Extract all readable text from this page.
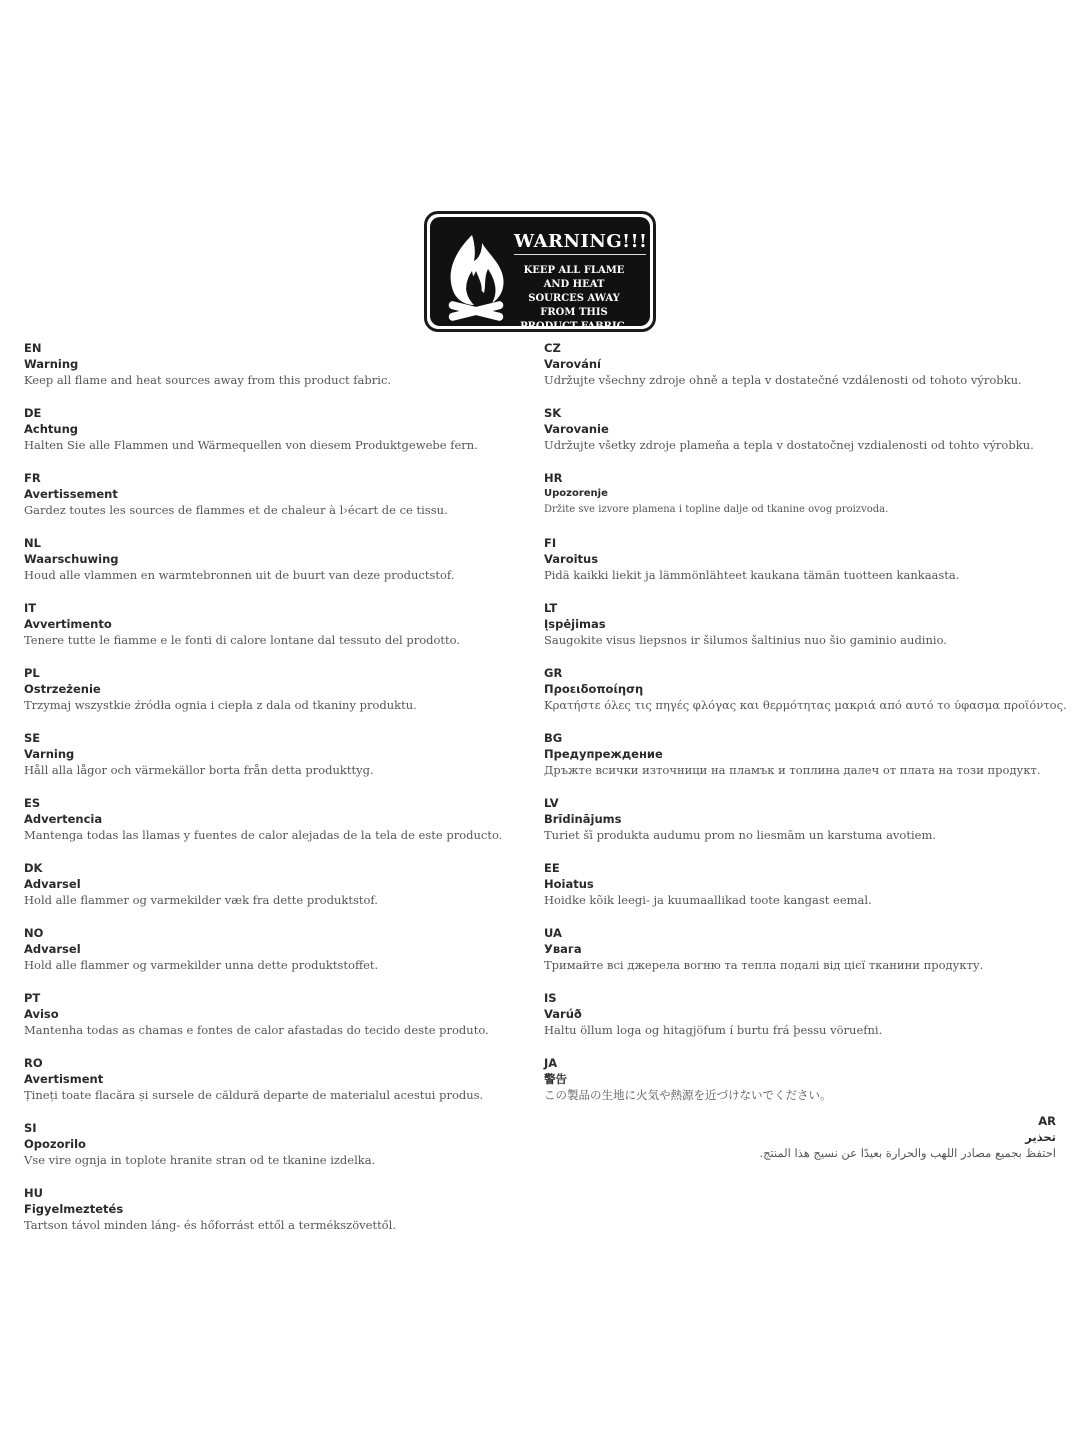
WARNING!!!
KEEP ALL FLAME AND HEAT SOURCES AWAY FROM THIS PRODUCT FABRIC.
EN
Warning
Keep all flame and heat sources away from this product fabric.
DE
Achtung
Halten Sie alle Flammen und Wärmequellen von diesem Produktgewebe fern.
FR
Avertissement
Gardez toutes les sources de flammes et de chaleur à l›écart de ce tissu.
NL
Waarschuwing
Houd alle vlammen en warmtebronnen uit de buurt van deze productstof.
IT
Avvertimento
Tenere tutte le fiamme e le fonti di calore lontane dal tessuto del prodotto.
PL
Ostrzeżenie
Trzymaj wszystkie źródła ognia i ciepła z dala od tkaniny produktu.
SE
Varning
Håll alla lågor och värmekällor borta från detta produkttyg.
ES
Advertencia
Mantenga todas las llamas y fuentes de calor alejadas de la tela de este producto.
DK
Advarsel
Hold alle flammer og varmekilder væk fra dette produktstof.
NO
Advarsel
Hold alle flammer og varmekilder unna dette produktstoffet.
PT
Aviso
Mantenha todas as chamas e fontes de calor afastadas do tecido deste produto.
RO
Avertisment
Țineți toate flacăra și sursele de căldură departe de materialul acestui produs.
SI
Opozorilo
Vse vire ognja in toplote hranite stran od te tkanine izdelka.
HU
Figyelmeztetés
Tartson távol minden láng- és hőforrást ettől a termékszövettől.
CZ
Varování
Udržujte všechny zdroje ohně a tepla v dostatečné vzdálenosti od tohoto výrobku.
SK
Varovanie
Udržujte všetky zdroje plameňa a tepla v dostatočnej vzdialenosti od tohto výrobku.
HR
Upozorenje
Držite sve izvore plamena i topline dalje od tkanine ovog proizvoda.
FI
Varoitus
Pidä kaikki liekit ja lämmönlähteet kaukana tämän tuotteen kankaasta.
LT
Įspėjimas
Saugokite visus liepsnos ir šilumos šaltinius nuo šio gaminio audinio.
GR
Προειδοποίηση
Κρατήστε όλες τις πηγές φλόγας και θερμότητας μακριά από αυτό το ύφασμα προϊόντος.
BG
Предупреждение
Дръжте всички източници на пламък и топлина далеч от плата на този продукт.
LV
Brīdinājums
Turiet šī produkta audumu prom no liesmām un karstuma avotiem.
EE
Hoiatus
Hoidke kõik leegi- ja kuumaallikad toote kangast eemal.
UA
Увага
Тримайте всі джерела вогню та тепла подалі від цієї тканини продукту.
IS
Varúð
Haltu öllum loga og hitagjöfum í burtu frá þessu vöruefni.
JA
警告
この製品の生地に火気や熱源を近づけないでください。
AR
تحذير
احتفظ بجميع مصادر اللهب والحرارة بعيدًا عن نسيج هذا المنتج.
